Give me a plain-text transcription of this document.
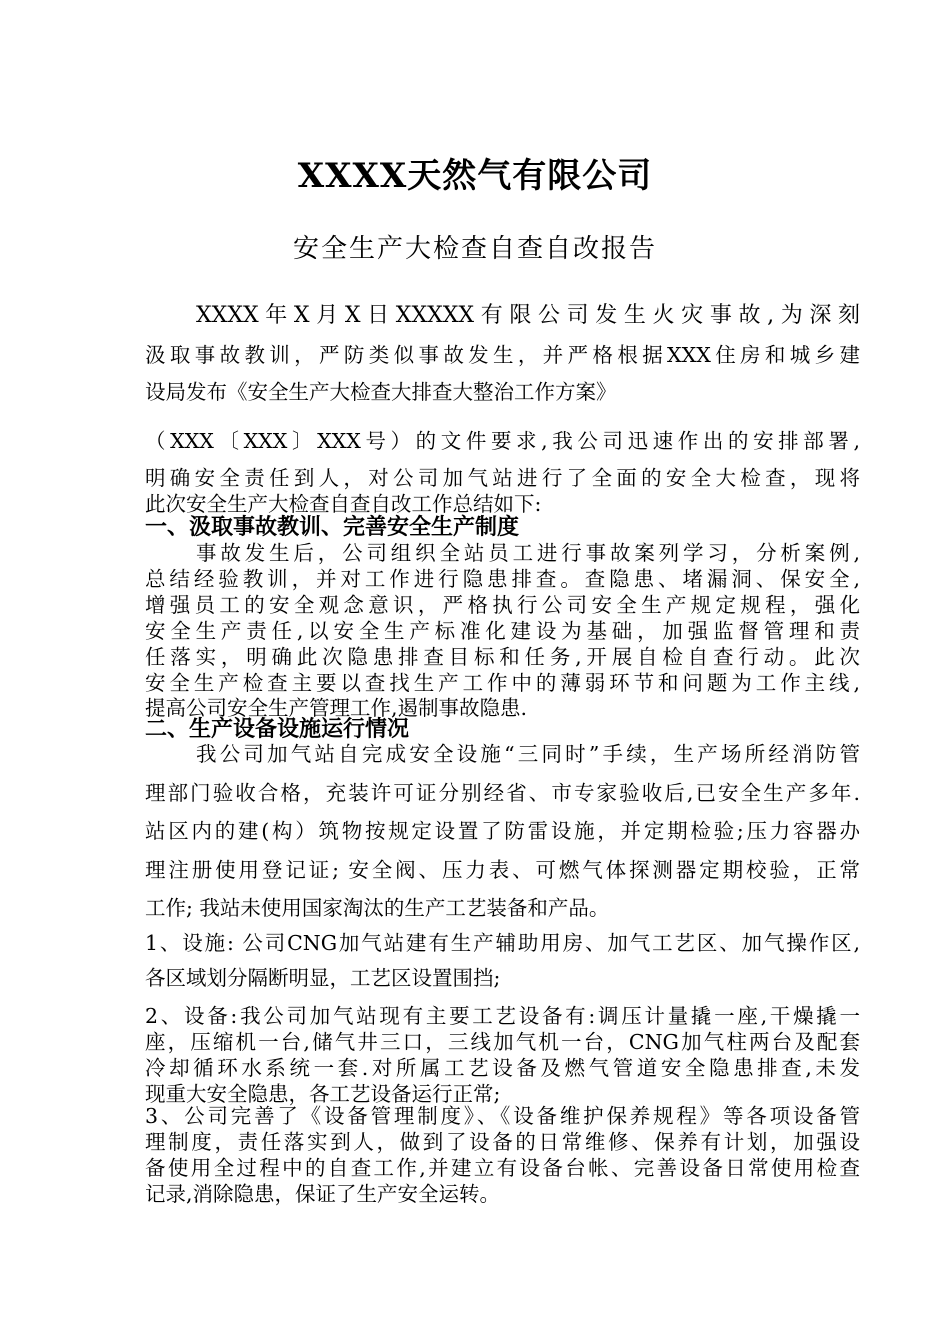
XXXX天然气有限公司
安全生产大检查自查自改报告
XXXX年X月X日XXXXX有限公司发生火灾事故,为深刻
汲取事故教训，严防类似事故发生，并严格根据XXX住房和城乡建
设局发布《安全生产大检查大排查大整治工作方案》
（XXX〔XXX〕XXX号）的文件要求,我公司迅速作出的安排部署,
明确安全责任到人，对公司加气站进行了全面的安全大检查，现将
此次安全生产大检查自查自改工作总结如下:
一、汲取事故教训、完善安全生产制度
事故发生后，公司组织全站员工进行事故案列学习，分析案例,
总结经验教训，并对工作进行隐患排查。查隐患、堵漏洞、保安全,
增强员工的安全观念意识，严格执行公司安全生产规定规程，强化
安全生产责任,以安全生产标准化建设为基础，加强监督管理和责
任落实，明确此次隐患排查目标和任务,开展自检自查行动。此次
安全生产检查主要以查找生产工作中的薄弱环节和问题为工作主线,
提高公司安全生产管理工作,遏制事故隐患.
二、生产设备设施运行情况
我公司加气站自完成安全设施“三同时”手续，生产场所经消防管
理部门验收合格，充装许可证分别经省、市专家验收后,已安全生产多年.
站区内的建(构）筑物按规定设置了防雷设施，并定期检验;压力容器办
理注册使用登记证; 安全阀、压力表、可燃气体探测器定期校验，正常
工作; 我站未使用国家淘汰的生产工艺装备和产品。
1、设施: 公司CNG加气站建有生产辅助用房、加气工艺区、加气操作区,
各区域划分隔断明显，工艺区设置围挡;
2、设备:我公司加气站现有主要工艺设备有:调压计量撬一座,干燥撬一
座，压缩机一台,储气井三口，三线加气机一台，CNG加气柱两台及配套
冷却循环水系统一套.对所属工艺设备及燃气管道安全隐患排查,未发
现重大安全隐患，各工艺设备运行正常;
3、公司完善了《设备管理制度》、《设备维护保养规程》等各项设备管
理制度，责任落实到人，做到了设备的日常维修、保养有计划，加强设
备使用全过程中的自查工作,并建立有设备台帐、完善设备日常使用检查
记录,消除隐患，保证了生产安全运转。
